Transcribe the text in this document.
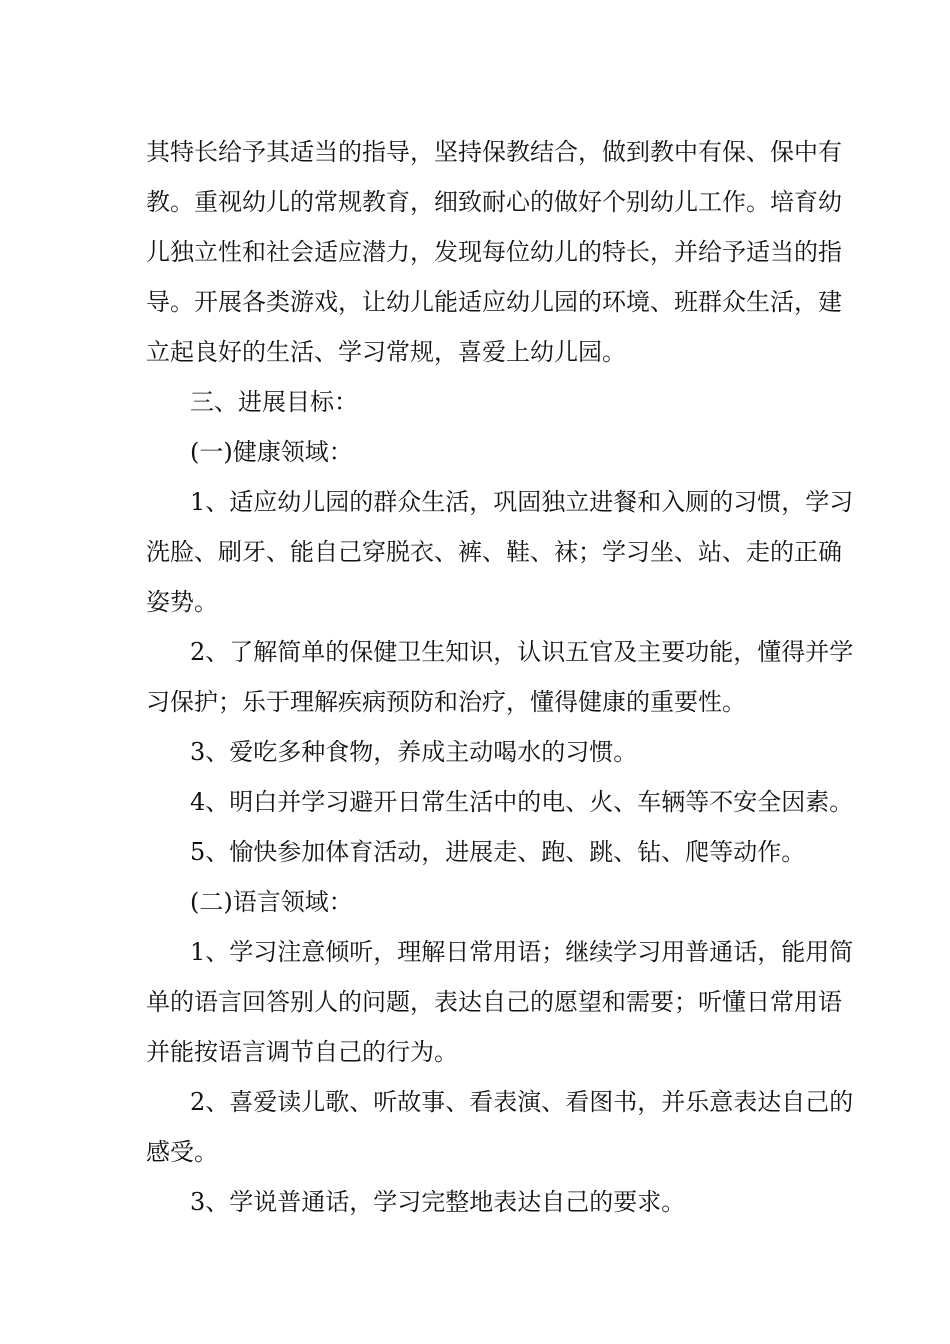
其特长给予其适当的指导，坚持保教结合，做到教中有保、保中有
教。重视幼儿的常规教育，细致耐心的做好个别幼儿工作。培育幼
儿独立性和社会适应潜力，发现每位幼儿的特长，并给予适当的指
导。开展各类游戏，让幼儿能适应幼儿园的环境、班群众生活，建
立起良好的生活、学习常规，喜爱上幼儿园。
三、进展目标：
(一)健康领域：
1、适应幼儿园的群众生活，巩固独立进餐和入厕的习惯，学习
洗脸、刷牙、能自己穿脱衣、裤、鞋、袜；学习坐、站、走的正确
姿势。
2、了解简单的保健卫生知识，认识五官及主要功能，懂得并学
习保护；乐于理解疾病预防和治疗，懂得健康的重要性。
3、爱吃多种食物，养成主动喝水的习惯。
4、明白并学习避开日常生活中的电、火、车辆等不安全因素。
5、愉快参加体育活动，进展走、跑、跳、钻、爬等动作。
(二)语言领域：
1、学习注意倾听，理解日常用语；继续学习用普通话，能用简
单的语言回答别人的问题，表达自己的愿望和需要；听懂日常用语
并能按语言调节自己的行为。
2、喜爱读儿歌、听故事、看表演、看图书，并乐意表达自己的
感受。
3、学说普通话，学习完整地表达自己的要求。
